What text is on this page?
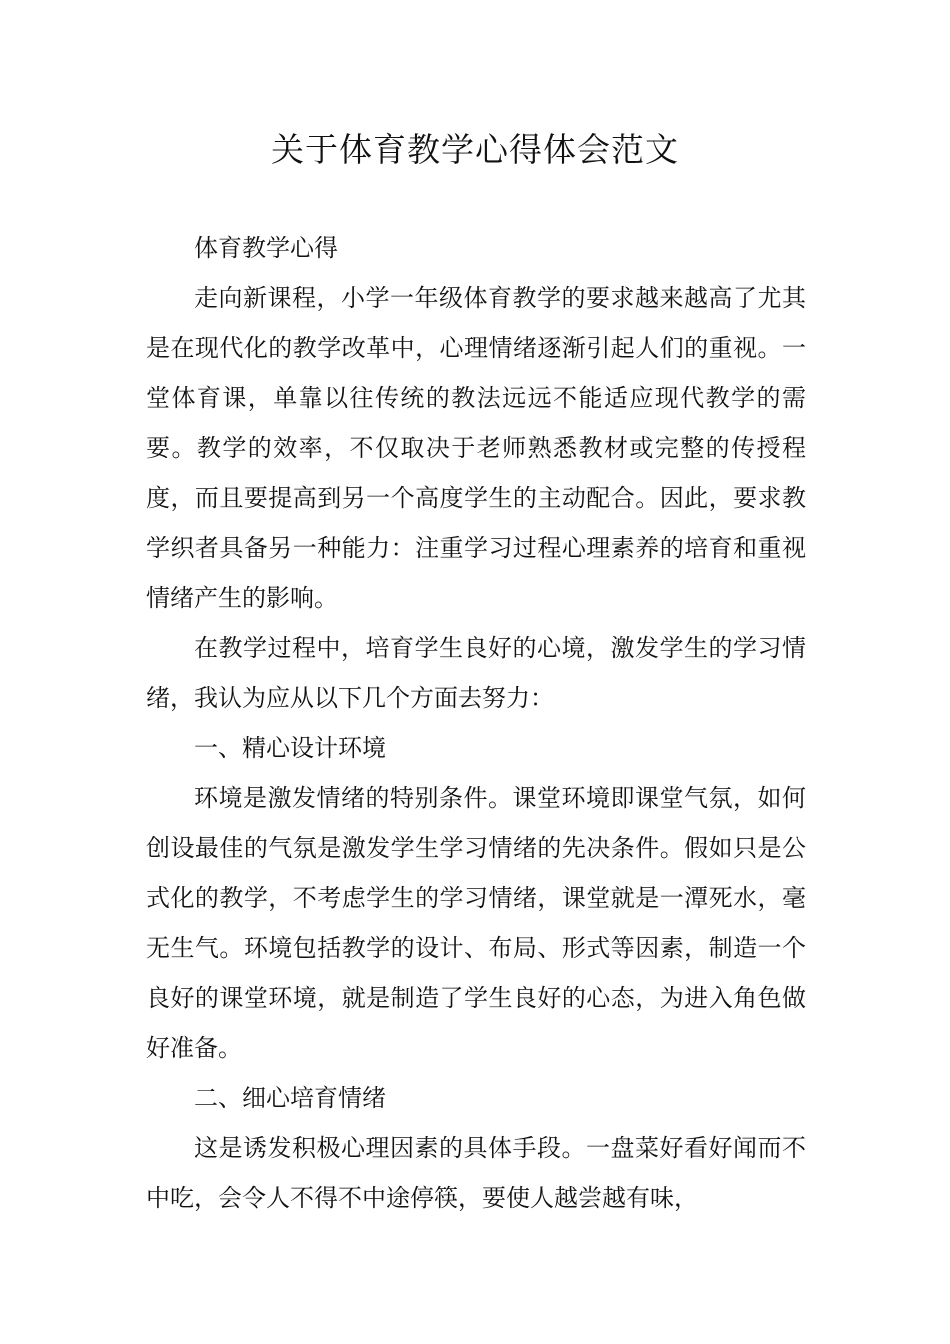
关于体育教学心得体会范文

体育教学心得

走向新课程，小学一年级体育教学的要求越来越高了尤其是在现代化的教学改革中，心理情绪逐渐引起人们的重视。一堂体育课，单靠以往传统的教法远远不能适应现代教学的需要。教学的效率，不仅取决于老师熟悉教材或完整的传授程度，而且要提高到另一个高度学生的主动配合。因此，要求教学织者具备另一种能力：注重学习过程心理素养的培育和重视情绪产生的影响。

在教学过程中，培育学生良好的心境，激发学生的学习情绪，我认为应从以下几个方面去努力：

一、精心设计环境

环境是激发情绪的特别条件。课堂环境即课堂气氛，如何创设最佳的气氛是激发学生学习情绪的先决条件。假如只是公式化的教学，不考虑学生的学习情绪，课堂就是一潭死水，毫无生气。环境包括教学的设计、布局、形式等因素，制造一个良好的课堂环境，就是制造了学生良好的心态，为进入角色做好准备。

二、细心培育情绪

这是诱发积极心理因素的具体手段。一盘菜好看好闻而不中吃，会令人不得不中途停筷，要使人越尝越有味，
